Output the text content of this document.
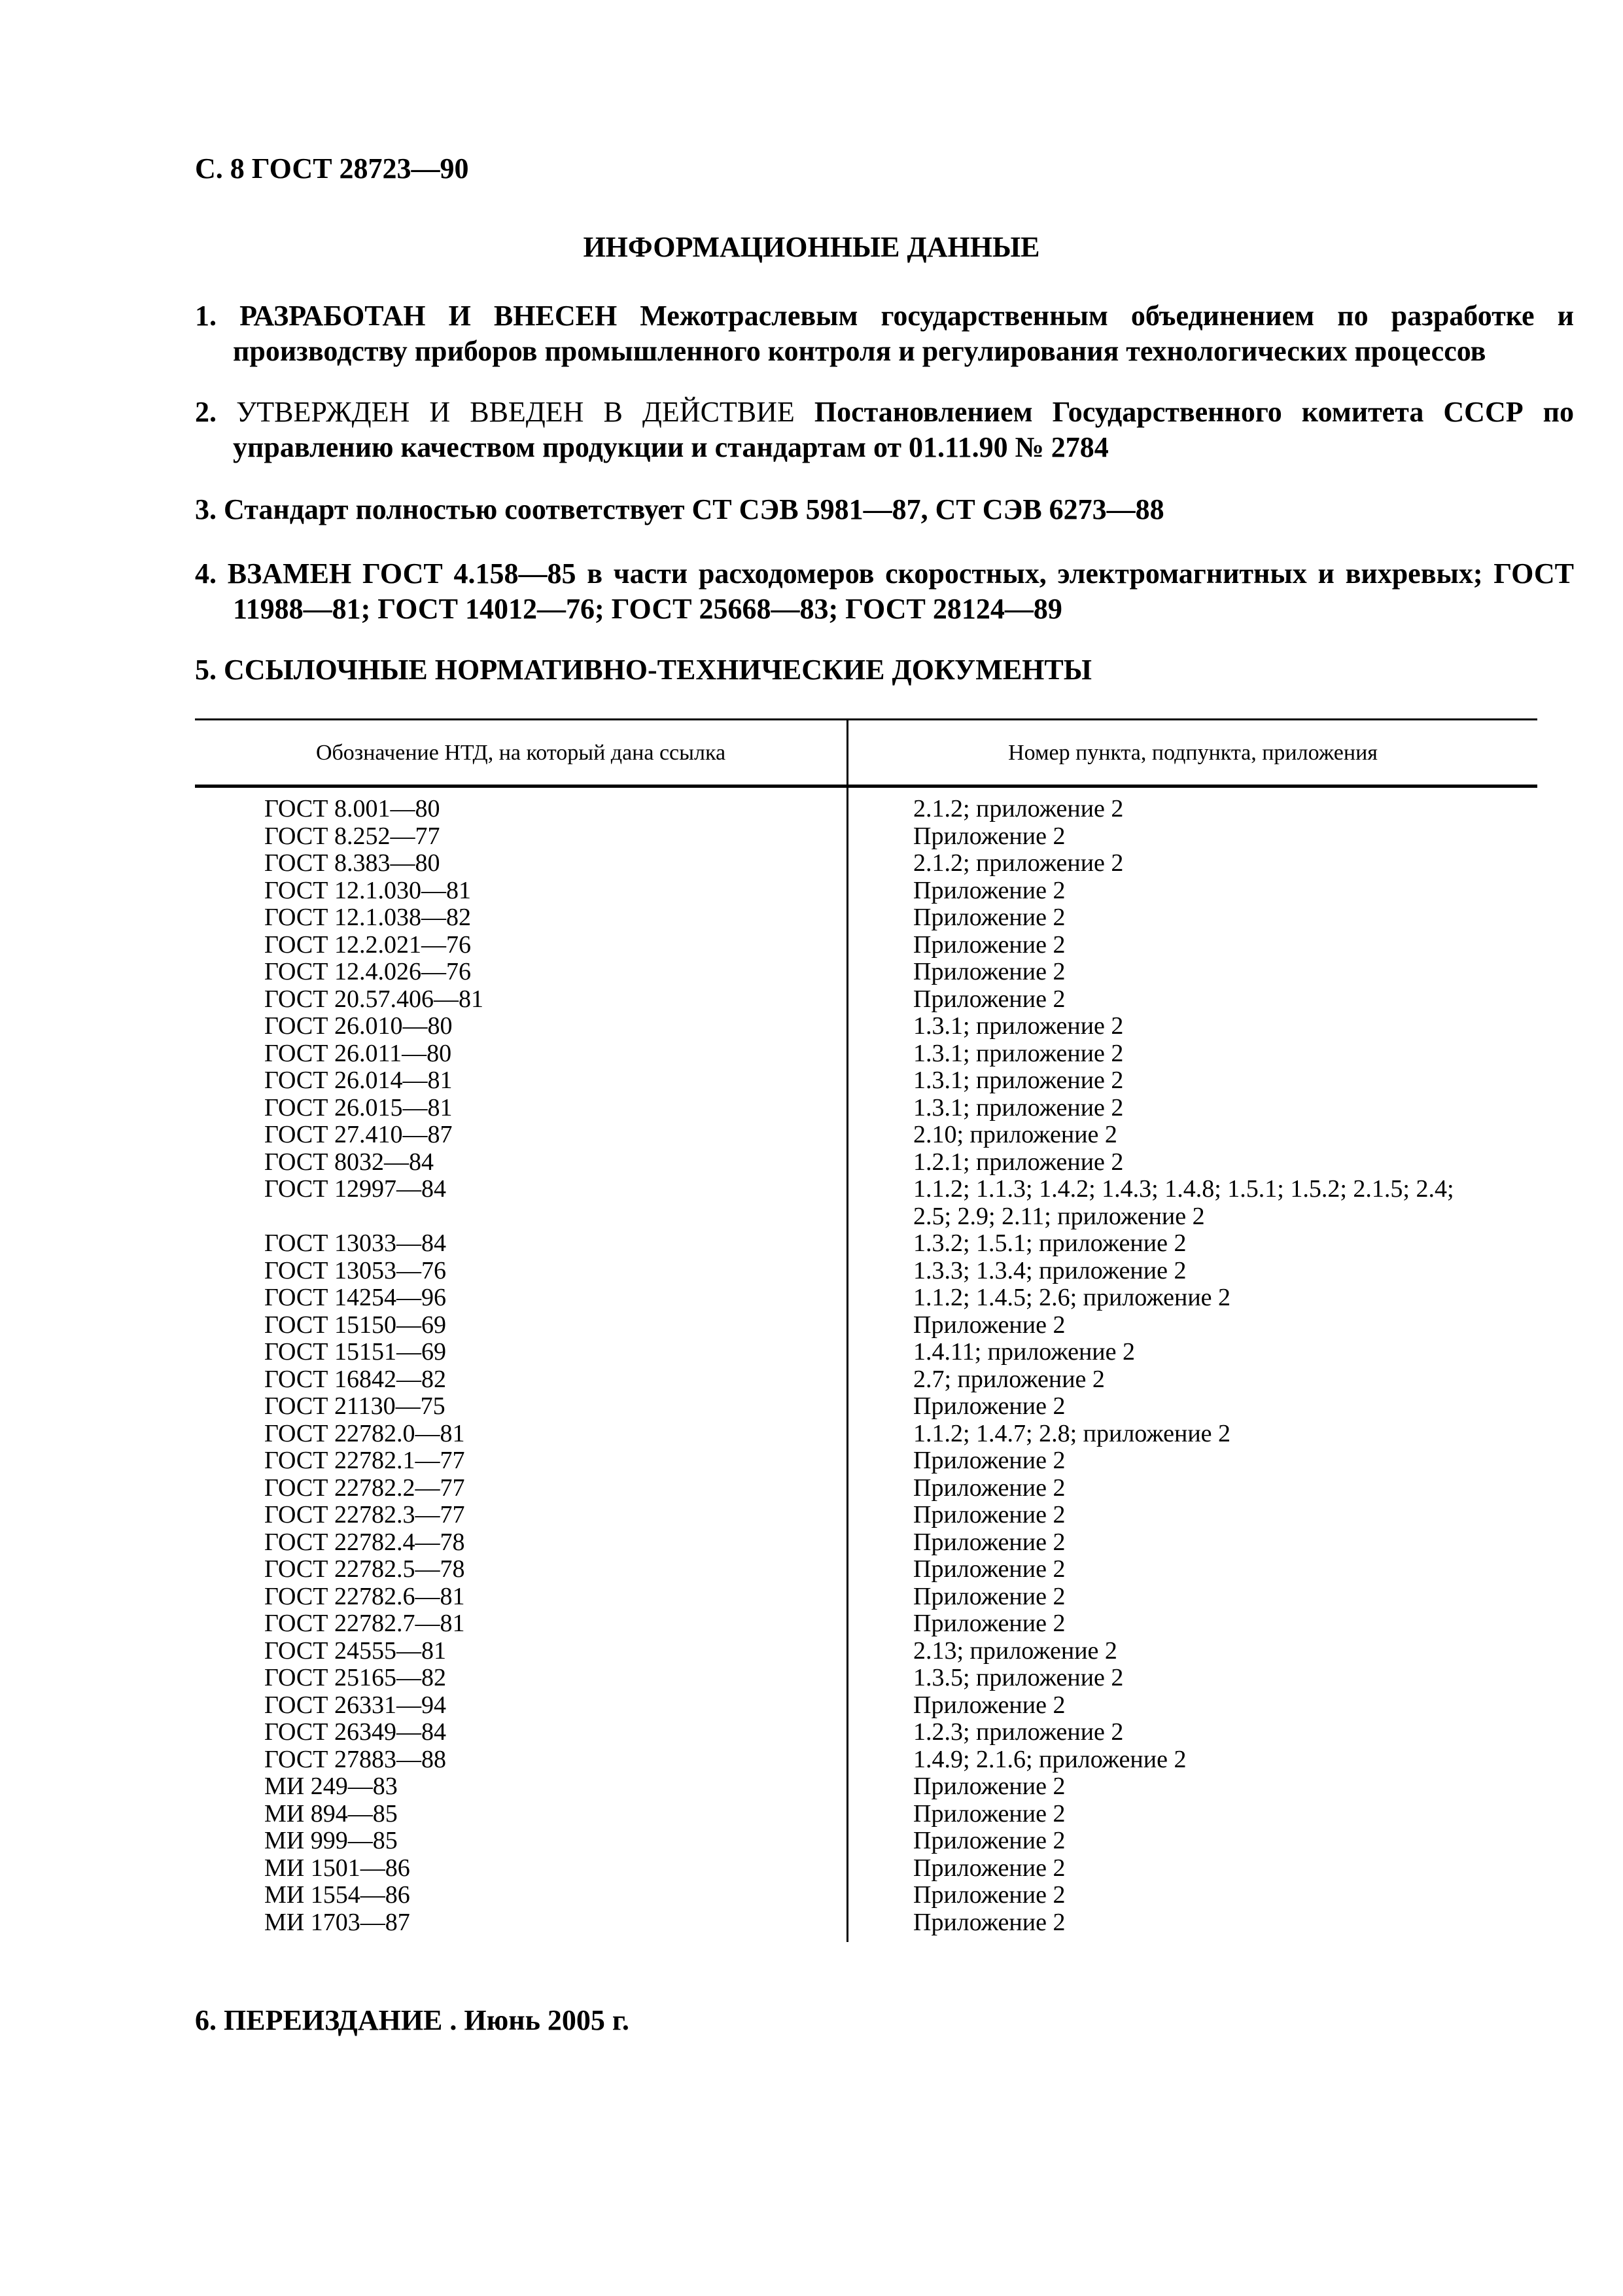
С. 8 ГОСТ 28723—90
ИНФОРМАЦИОННЫЕ ДАННЫЕ
1. РАЗРАБОТАН И ВНЕСЕН Межотраслевым государственным объединением по разработке и производству приборов промышленного контроля и регулирования технологических процессов
2. УТВЕРЖДЕН И ВВЕДЕН В ДЕЙСТВИЕ Постановлением Государственного комитета СССР по управлению качеством продукции и стандартам от 01.11.90 № 2784
3. Стандарт полностью соответствует СТ СЭВ 5981—87, СТ СЭВ 6273—88
4. ВЗАМЕН ГОСТ 4.158—85 в части расходомеров скоростных, электромагнитных и вихревых; ГОСТ 11988—81; ГОСТ 14012—76; ГОСТ 25668—83; ГОСТ 28124—89
5. ССЫЛОЧНЫЕ НОРМАТИВНО-ТЕХНИЧЕСКИЕ ДОКУМЕНТЫ
Обозначение НТД, на который дана ссылка	Номер пункта, подпункта, приложения
ГОСТ 8.001—80	2.1.2; приложение 2
ГОСТ 8.252—77	Приложение 2
ГОСТ 8.383—80	2.1.2; приложение 2
ГОСТ 12.1.030—81	Приложение 2
ГОСТ 12.1.038—82	Приложение 2
ГОСТ 12.2.021—76	Приложение 2
ГОСТ 12.4.026—76	Приложение 2
ГОСТ 20.57.406—81	Приложение 2
ГОСТ 26.010—80	1.3.1; приложение 2
ГОСТ 26.011—80	1.3.1; приложение 2
ГОСТ 26.014—81	1.3.1; приложение 2
ГОСТ 26.015—81	1.3.1; приложение 2
ГОСТ 27.410—87	2.10; приложение 2
ГОСТ 8032—84	1.2.1; приложение 2
ГОСТ 12997—84	1.1.2; 1.1.3; 1.4.2; 1.4.3; 1.4.8; 1.5.1; 1.5.2; 2.1.5; 2.4; 2.5; 2.9; 2.11; приложение 2
ГОСТ 13033—84	1.3.2; 1.5.1; приложение 2
ГОСТ 13053—76	1.3.3; 1.3.4; приложение 2
ГОСТ 14254—96	1.1.2; 1.4.5; 2.6; приложение 2
ГОСТ 15150—69	Приложение 2
ГОСТ 15151—69	1.4.11; приложение 2
ГОСТ 16842—82	2.7; приложение 2
ГОСТ 21130—75	Приложение 2
ГОСТ 22782.0—81	1.1.2; 1.4.7; 2.8; приложение 2
ГОСТ 22782.1—77	Приложение 2
ГОСТ 22782.2—77	Приложение 2
ГОСТ 22782.3—77	Приложение 2
ГОСТ 22782.4—78	Приложение 2
ГОСТ 22782.5—78	Приложение 2
ГОСТ 22782.6—81	Приложение 2
ГОСТ 22782.7—81	Приложение 2
ГОСТ 24555—81	2.13; приложение 2
ГОСТ 25165—82	1.3.5; приложение 2
ГОСТ 26331—94	Приложение 2
ГОСТ 26349—84	1.2.3; приложение 2
ГОСТ 27883—88	1.4.9; 2.1.6; приложение 2
МИ 249—83	Приложение 2
МИ 894—85	Приложение 2
МИ 999—85	Приложение 2
МИ 1501—86	Приложение 2
МИ 1554—86	Приложение 2
МИ 1703—87	Приложение 2
6. ПЕРЕИЗДАНИЕ . Июнь 2005 г.
